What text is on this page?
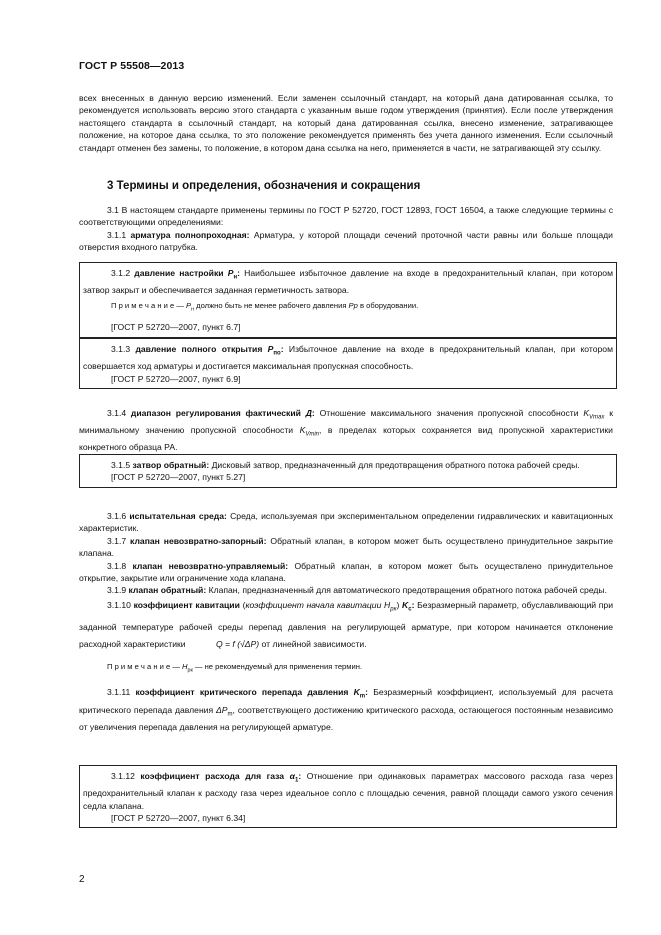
ГОСТ Р 55508—2013

всех внесенных в данную версию изменений. Если заменен ссылочный стандарт, на который дана датированная ссылка, то рекомендуется использовать версию этого стандарта с указанным выше годом утверждения (принятия). Если после утверждения настоящего стандарта в ссылочный стандарт, на который дана датированная ссылка, внесено изменение, затрагивающее положение, на которое дана ссылка, то это положение рекомендуется применять без учета данного изменения. Если ссылочный стандарт отменен без замены, то положение, в котором дана ссылка на него, применяется в части, не затрагивающей эту ссылку.

3 Термины и определения, обозначения и сокращения

3.1 В настоящем стандарте применены термины по ГОСТ Р 52720, ГОСТ 12893, ГОСТ 16504, а также следующие термины с соответствующими определениями:

3.1.1 арматура полнопроходная: Арматура, у которой площади сечений проточной части равны или больше площади отверстия входного патрубка.

3.1.2 давление настройки $P_н$: Наибольшее избыточное давление на входе в предохранительный клапан, при котором затвор закрыт и обеспечивается заданная герметичность затвора.

П р и м е ч а н и е — $Р_н$ должно быть не менее рабочего давления Рр в оборудовании.

[ГОСТ Р 52720—2007, пункт 6.7]

3.1.3 давление полного открытия $P_{по}$: Избыточное давление на входе в предохранительный клапан, при котором совершается ход арматуры и достигается максимальная пропускная способность.

[ГОСТ Р 52720—2007, пункт 6.9]

3.1.4 диапазон регулирования фактический Д: Отношение максимального значения пропускной способности $K_{Vmax}$ к минимальному значению пропускной способности $K_{Vmin}$, в пределах которых сохраняется вид пропускной характеристики конкретного образца РА.

3.1.5 затвор обратный: Дисковый затвор, предназначенный для предотвращения обратного потока рабочей среды.

[ГОСТ Р 52720—2007, пункт 5.27]

3.1.6 испытательная среда: Среда, используемая при экспериментальном определении гидравлических и кавитационных характеристик.

3.1.7 клапан невозвратно-запорный: Обратный клапан, в котором может быть осуществлено принудительное закрытие клапана.

3.1.8 клапан невозвратно-управляемый: Обратный клапан, в котором может быть осуществлено принудительное открытие, закрытие или ограничение хода клапана.

3.1.9 клапан обратный: Клапан, предназначенный для автоматического предотвращения обратного потока рабочей среды.

3.1.10 коэффициент кавитации (коэффициент начала кавитации $Н_{рк}$) $K_с$: Безразмерный параметр, обуславливающий при заданной температуре рабочей среды перепад давления на регулирующей арматуре, при котором начинается отклонение расходной характеристики	Q = f (√ΔP) от линейной зависимости.

П р и м е ч а н и е — $Н_{рк}$ — не рекомендуемый для применения термин.

3.1.11 коэффициент критического перепада давления $K_m$: Безразмерный коэффициент, используемый для расчета критического перепада давления $\Delta P_m$, соответствующего достижению критического расхода, остающегося постоянным независимо от увеличения перепада давления на регулирующей арматуре.

3.1.12 коэффициент расхода для газа $\alpha_1$: Отношение при одинаковых параметрах массового расхода газа через предохранительный клапан к расходу газа через идеальное сопло с площадью сечения, равной площади самого узкого сечения седла клапана.

[ГОСТ Р 52720—2007, пункт 6.34]

2
